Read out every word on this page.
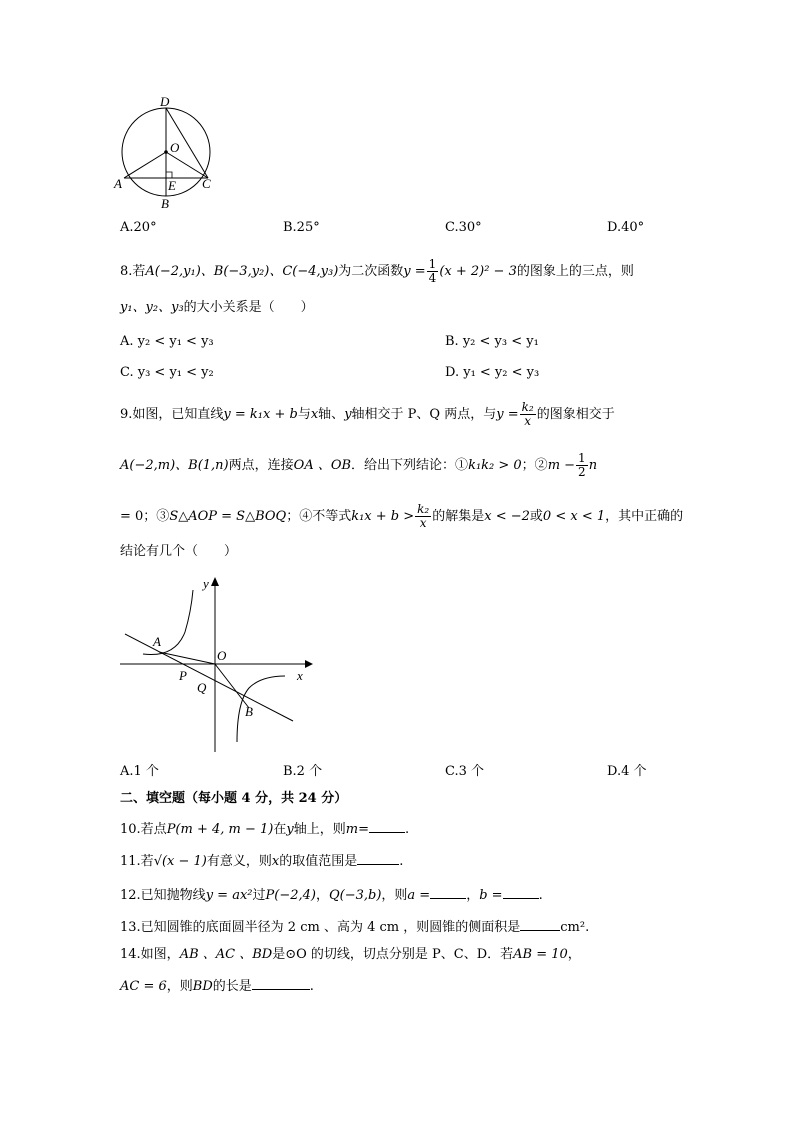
D
O
A	E C
B
A.20°	B.25°	C.30°	D.40°
8.若A(−2,y₁)、B(−3,y₂)、C(−4,y₃)为二次函数$y = \frac{1}{4} (x + 2)^2 - 3$的图象上的三点，则
y₁、y₂、y₃的大小关系是（　　）
A. y₂ < y₁ < y₃	B. y₂ < y₃ < y₁
C. y₃ < y₁ < y₂	D. y₁ < y₂ < y₃
9.如图，已知直线y = k₁x + b与x轴、y轴相交于 P、Q 两点，与$y = \frac{\text{k₂}}{x}$ 的图象相交于
A(−2,m)、B(1,n)两点，连接OA 、OB．给出下列结论：①k₁k₂ > 0；②m − $\frac{1}{2}$ n
= 0；③S△AOP = S△BOQ；④不等式$k_1x + b > \frac{\text{k₂}}{x}$ 的解集是x < −2或0 < x < 1，其中正确的
结论有几个（　　）
y
x
A
O
P
Q
B
A.1 个	B.2 个	C.3 个	D.4 个
二、填空题（每小题 4 分，共 24 分）
10.若点P(m + 4, m − 1)在y轴上，则m=	.
11.若√(x − 1)有意义，则x的取值范围是	.
12.已知抛物线y = ax²过P(−2,4)，Q(−3,b)，则a =	，b =	.
13.已知圆锥的底面圆半径为 2 cm 、高为 4 cm ，则圆锥的侧面积是	cm².
14.如图，AB 、AC 、BD是⊙O 的切线，切点分别是 P、C、D．若AB = 10，
AC = 6，则BD的长是	.
